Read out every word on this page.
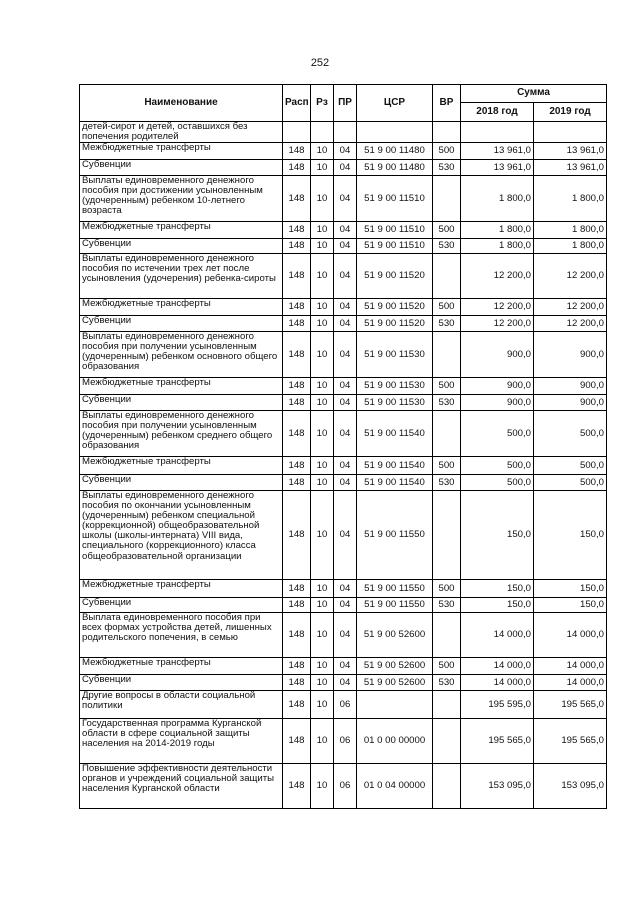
252
Наименование	Расп	Рз	ПР	ЦСР	ВР	Сумма	
						2018 год	2019 год
детей-сирот и детей, оставшихся без попечения родителей							
Межбюджетные трансферты	148	10	04	51 9 00 11480	500	13 961,0	13 961,0
Субвенции	148	10	04	51 9 00 11480	530	13 961,0	13 961,0
Выплаты единовременного денежного пособия при достижении усыновленным (удочеренным) ребенком 10-летнего возраста	148	10	04	51 9 00 11510		1 800,0	1 800,0
Межбюджетные трансферты	148	10	04	51 9 00 11510	500	1 800,0	1 800,0
Субвенции	148	10	04	51 9 00 11510	530	1 800,0	1 800,0
Выплаты единовременного денежного пособия по истечении трех лет после усыновления (удочерения) ребенка-сироты	148	10	04	51 9 00 11520		12 200,0	12 200,0
Межбюджетные трансферты	148	10	04	51 9 00 11520	500	12 200,0	12 200,0
Субвенции	148	10	04	51 9 00 11520	530	12 200,0	12 200,0
Выплаты единовременного денежного пособия при получении усыновленным (удочеренным) ребенком основного общего образования	148	10	04	51 9 00 11530		900,0	900,0
Межбюджетные трансферты	148	10	04	51 9 00 11530	500	900,0	900,0
Субвенции	148	10	04	51 9 00 11530	530	900,0	900,0
Выплаты единовременного денежного пособия при получении усыновленным (удочеренным) ребенком среднего общего образования	148	10	04	51 9 00 11540		500,0	500,0
Межбюджетные трансферты	148	10	04	51 9 00 11540	500	500,0	500,0
Субвенции	148	10	04	51 9 00 11540	530	500,0	500,0
Выплаты единовременного денежного пособия по окончании усыновленным (удочеренным) ребенком специальной (коррекционной) общеобразовательной школы (школы-интерната) VIII вида, специального (коррекционного) класса общеобразовательной организации	148	10	04	51 9 00 11550		150,0	150,0
Межбюджетные трансферты	148	10	04	51 9 00 11550	500	150,0	150,0
Субвенции	148	10	04	51 9 00 11550	530	150,0	150,0
Выплата единовременного пособия при всех формах устройства детей, лишенных родительского попечения, в семью	148	10	04	51 9 00 52600		14 000,0	14 000,0
Межбюджетные трансферты	148	10	04	51 9 00 52600	500	14 000,0	14 000,0
Субвенции	148	10	04	51 9 00 52600	530	14 000,0	14 000,0
Другие вопросы в области социальной политики	148	10	06			195 595,0	195 565,0
Государственная программа Курганской области в сфере социальной защиты населения на 2014-2019 годы	148	10	06	01 0 00 00000		195 565,0	195 565,0
Повышение эффективности деятельности органов и учреждений социальной защиты населения Курганской области	148	10	06	01 0 04 00000		153 095,0	153 095,0
